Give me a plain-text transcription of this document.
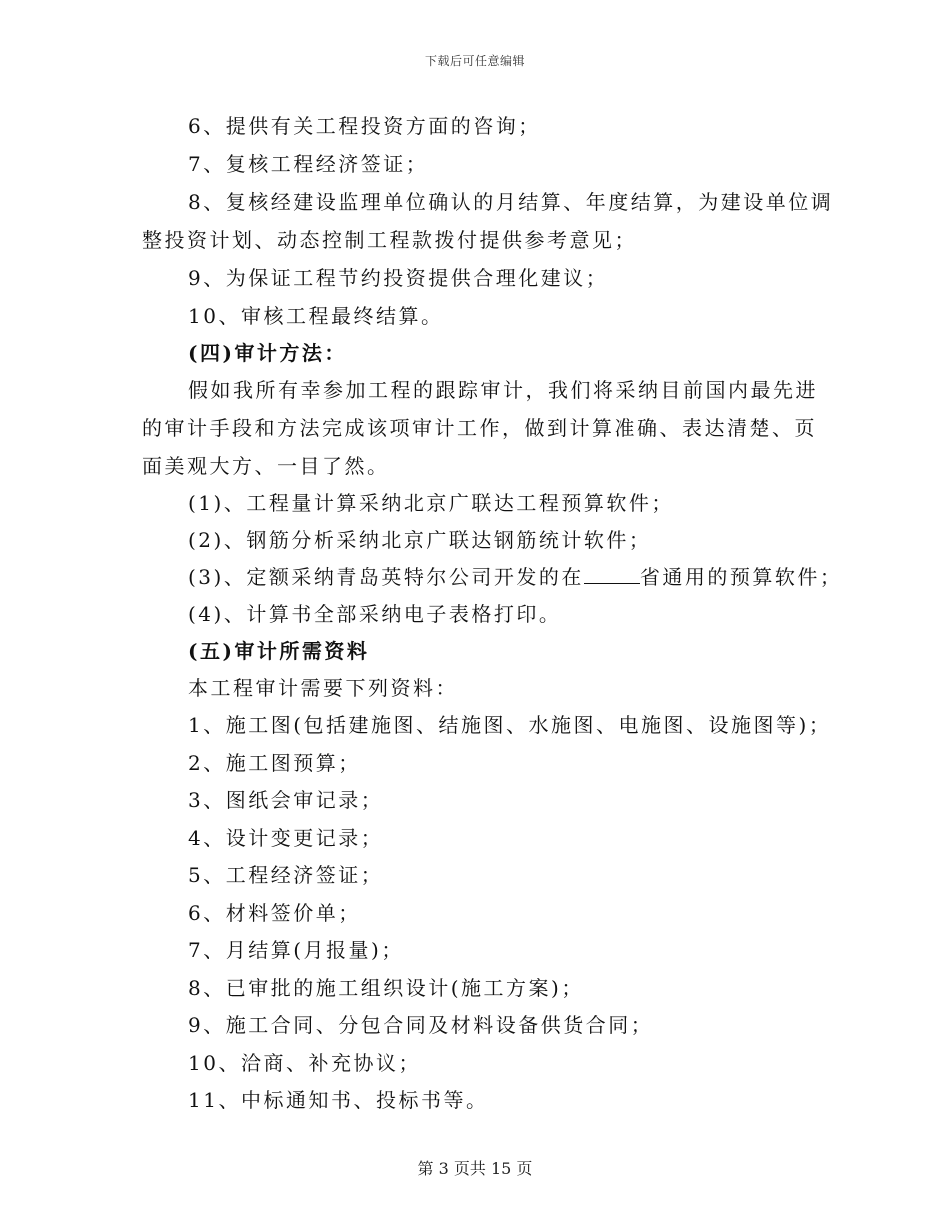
下载后可任意编辑
6、提供有关工程投资方面的咨询；
7、复核工程经济签证；
8、复核经建设监理单位确认的月结算、年度结算，为建设单位调
整投资计划、动态控制工程款拨付提供参考意见；
9、为保证工程节约投资提供合理化建议；
10、审核工程最终结算。
(四)审计方法：
假如我所有幸参加工程的跟踪审计，我们将采纳目前国内最先进
的审计手段和方法完成该项审计工作，做到计算准确、表达清楚、页
面美观大方、一目了然。
(1)、工程量计算采纳北京广联达工程预算软件；
(2)、钢筋分析采纳北京广联达钢筋统计软件；
(3)、定额采纳青岛英特尔公司开发的在	省通用的预算软件；
(4)、计算书全部采纳电子表格打印。
(五)审计所需资料
本工程审计需要下列资料：
1、施工图(包括建施图、结施图、水施图、电施图、设施图等)；
2、施工图预算；
3、图纸会审记录；
4、设计变更记录；
5、工程经济签证；
6、材料签价单；
7、月结算(月报量)；
8、已审批的施工组织设计(施工方案)；
9、施工合同、分包合同及材料设备供货合同；
10、洽商、补充协议；
11、中标通知书、投标书等。
第 3 页共 15 页
